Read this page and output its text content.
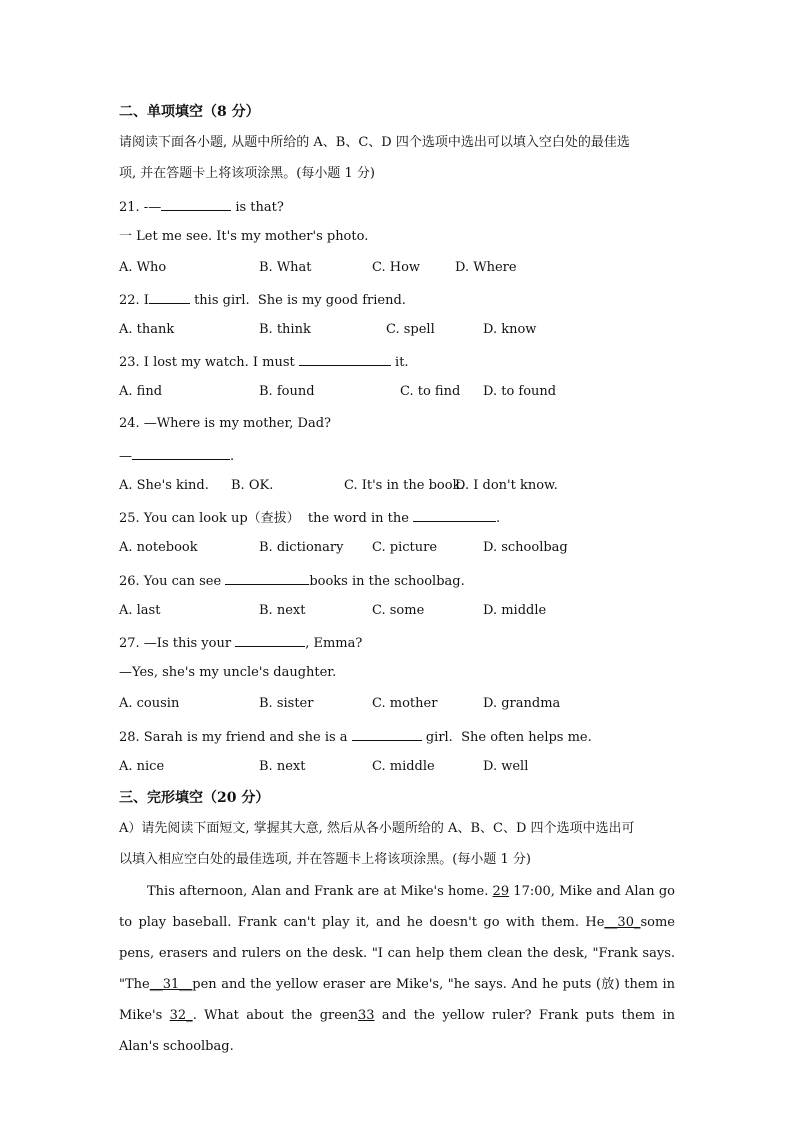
二、单项填空（8 分）
请阅读下面各小题, 从题中所给的 A、B、C、D 四个选项中选出可以填入空白处的最佳选
项, 并在答题卡上将该项涂黑。(每小题 1 分)
21. -—	is that?
一 Let me see. It's my mother's photo.
A. Who	B. What	C. How	D. Where
22. I	this girl.  She is my good friend.
A. thank	B. think	C. spell	D. know
23. I lost my watch. I must	it.
A. find	B. found	C. to find D. to found
24. —Where is my mother, Dad?
—	.
A. She's kind. B. OK.	C. It's in the book.
D. I don't know.
25. You can look up（查拔）  the word in the	.
A. notebook	B. dictionary C. picture	D. schoolbag
26. You can see	books in the schoolbag.
A. last	B. next	C. some	D. middle
27. —Is this your	, Emma?
—Yes, she's my uncle's daughter.
A. cousin	B. sister	C. mother	D. grandma
28. Sarah is my friend and she is a	girl.  She often helps me.
A. nice	B. next	C. middle	D. well
三、完形填空（20 分）
A）请先阅读下面短文, 掌握其大意, 然后从各小题所给的 A、B、C、D 四个选项中选出可
以填入相应空白处的最佳选项, 并在答题卡上将该项涂黑。(每小题 1 分)

This afternoon, Alan and Frank are at Mike's home. 29 17:00, Mike and Alan go to play baseball. Frank can't play it, and he doesn't go with them. He__30_some pens, erasers and rulers on the desk. "I can help them clean the desk, "Frank says. "The__31__pen and the yellow eraser are Mike's, "he says. And he puts (放) them in Mike's 32_. What about the green33 and the yellow ruler? Frank puts them in Alan's schoolbag.
